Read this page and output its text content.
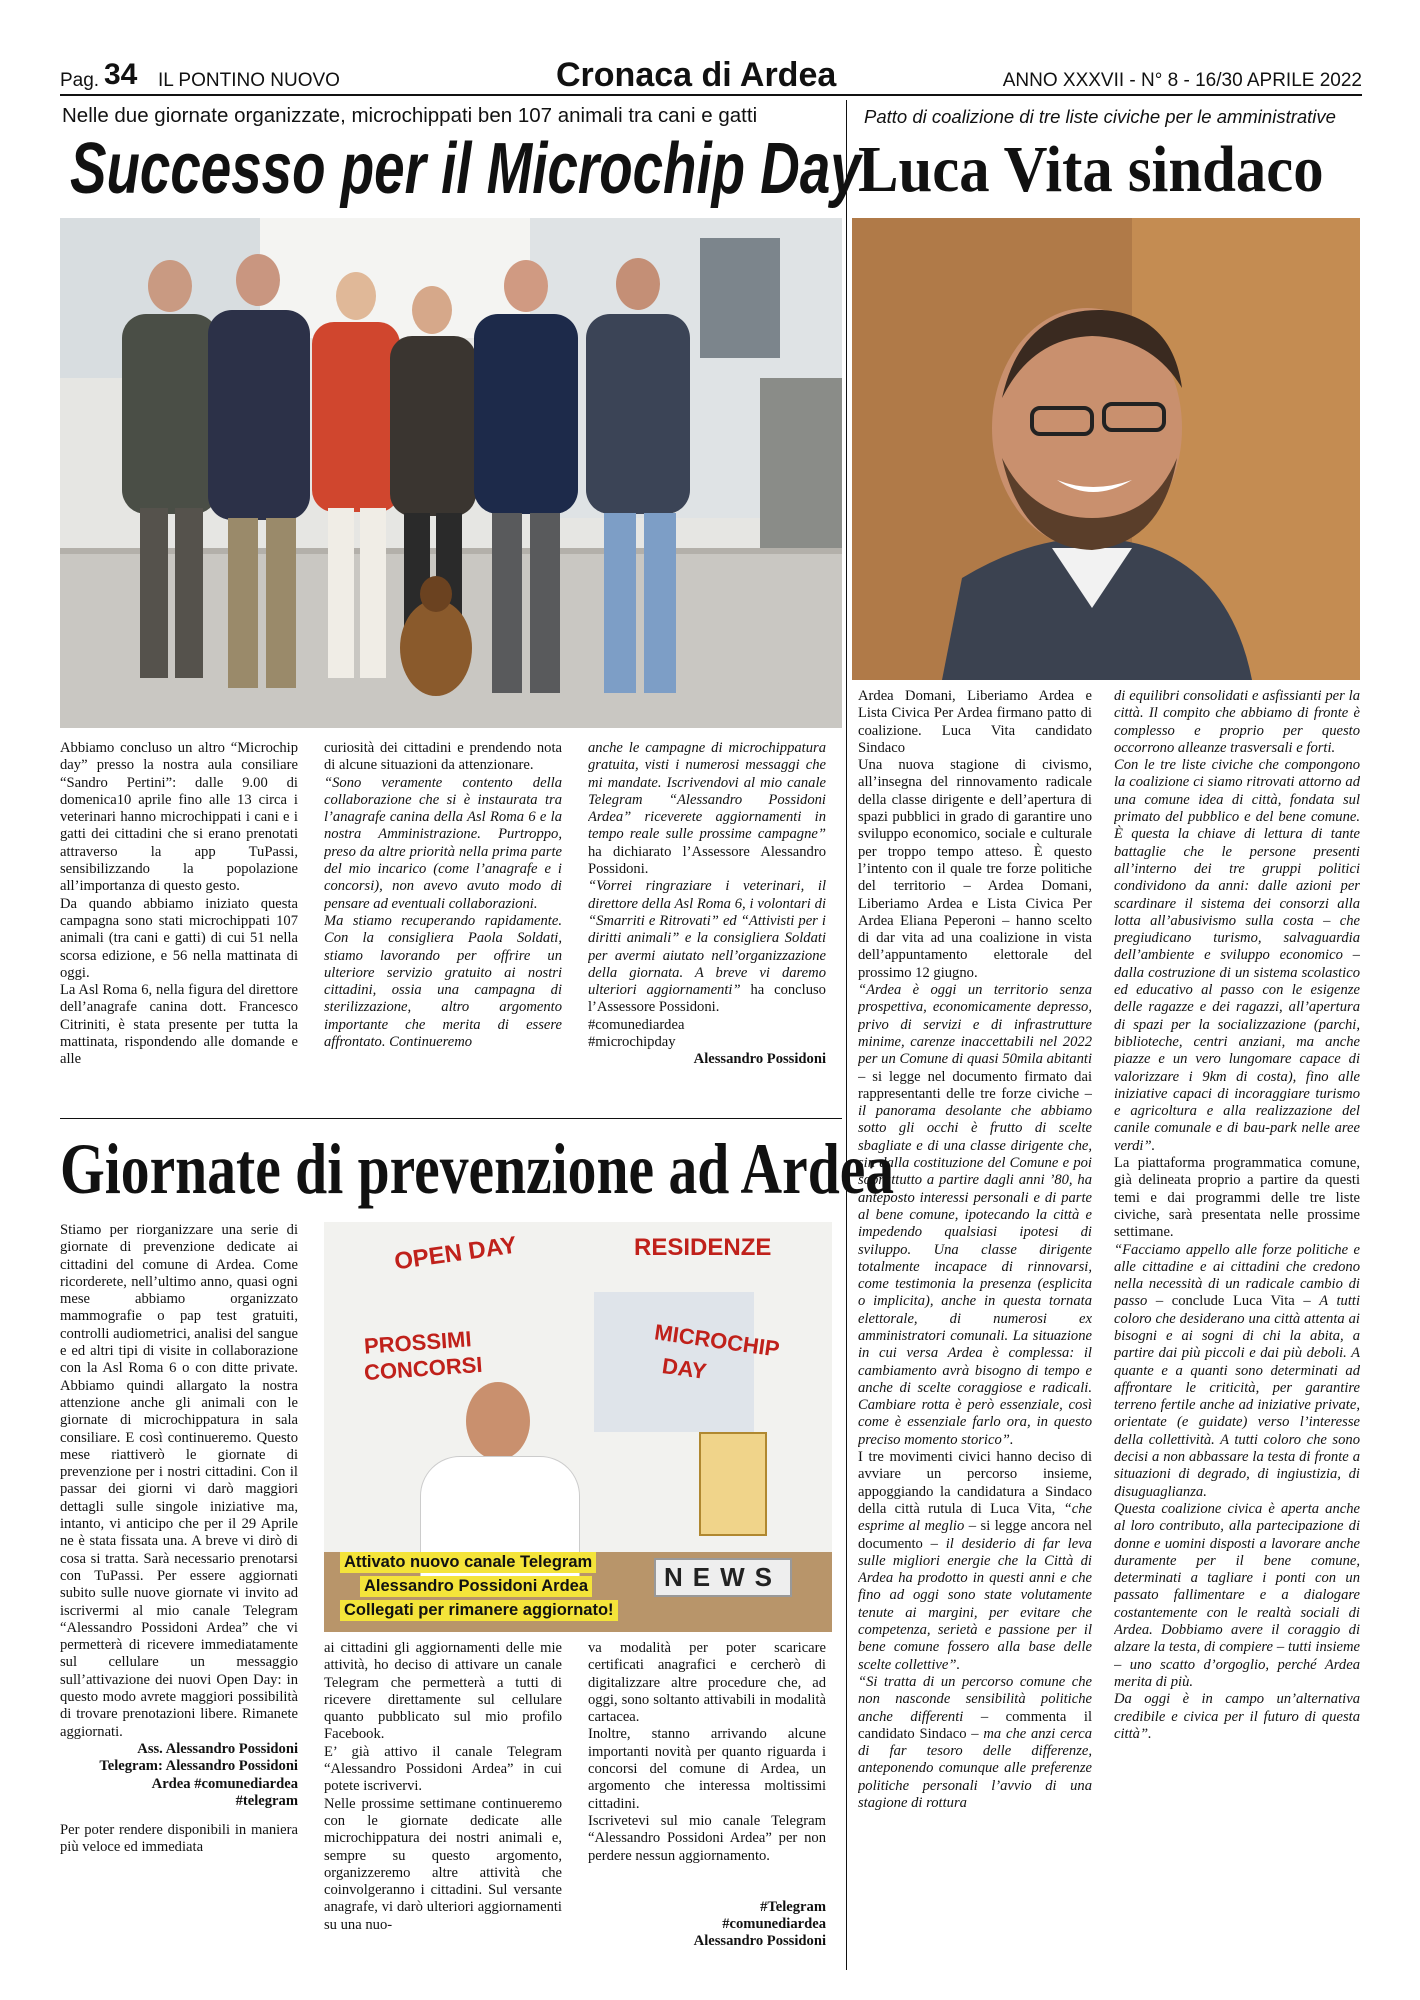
Pag. 34 IL PONTINO NUOVO	Cronaca di Ardea	ANNO XXXVII - N° 8 - 16/30 APRILE 2022
Nelle due giornate organizzate, microchippati ben 107 animali tra cani e gatti
Successo per il Microchip Day

Abbiamo concluso un altro “Microchip day” presso la nostra aula consiliare “Sandro Pertini”: dalle 9.00 di domenica10 aprile fino alle 13 circa i veterinari hanno microchippati i cani e i gatti dei cittadini che si erano prenotati attraverso la app TuPassi, sensibilizzando la popolazione all’importanza di questo gesto.

Da quando abbiamo iniziato questa campagna sono stati microchippati 107 animali (tra cani e gatti) di cui 51 nella scorsa edizione, e 56 nella mattinata di oggi.

La Asl Roma 6, nella figura del direttore dell’anagrafe canina dott. Francesco Citriniti, è stata presente per tutta la mattinata, rispondendo alle domande e alle

curiosità dei cittadini e prendendo nota di alcune situazioni da attenzionare.

“Sono veramente contento della collaborazione che si è instaurata tra l’anagrafe canina della Asl Roma 6 e la nostra Amministrazione. Purtroppo, preso da altre priorità nella prima parte del mio incarico (come l’anagrafe e i concorsi), non avevo avuto modo di pensare ad eventuali collaborazioni.

Ma stiamo recuperando rapidamente. Con la consigliera Paola Soldati, stiamo lavorando per offrire un ulteriore servizio gratuito ai nostri cittadini, ossia una campagna di sterilizzazione, altro argomento importante che merita di essere affrontato. Continueremo

anche le campagne di microchippatura gratuita, visti i numerosi messaggi che mi mandate. Iscrivendovi al mio canale Telegram “Alessandro Possidoni Ardea” riceverete aggiornamenti in tempo reale sulle prossime campagne” ha dichiarato l’Assessore Alessandro Possidoni.

“Vorrei ringraziare i veterinari, il direttore della Asl Roma 6, i volontari di “Smarriti e Ritrovati” ed “Attivisti per i diritti animali” e la consigliera Soldati per avermi aiutato nell’organizzazione della giornata. A breve vi daremo ulteriori aggiornamenti” ha concluso l’Assessore Possidoni.

#comunediardea

#microchipday

Alessandro Possidoni

Patto di coalizione di tre liste civiche per le amministrative
Luca Vita sindaco

Ardea Domani, Liberiamo Ardea e Lista Civica Per Ardea firmano patto di coalizione. Luca Vita candidato Sindaco

Una nuova stagione di civismo, all’insegna del rinnovamento radicale della classe dirigente e dell’apertura di spazi pubblici in grado di garantire uno sviluppo economico, sociale e culturale per troppo tempo atteso. È questo l’intento con il quale tre forze politiche del territorio – Ardea Domani, Liberiamo Ardea e Lista Civica Per Ardea Eliana Peperoni – hanno scelto di dar vita ad una coalizione in vista dell’appuntamento elettorale del prossimo 12 giugno.

“Ardea è oggi un territorio senza prospettiva, economicamente depresso, privo di servizi e di infrastrutture minime, carenze inaccettabili nel 2022 per un Comune di quasi 50mila abitanti – si legge nel documento firmato dai rappresentanti delle tre forze civiche – il panorama desolante che abbiamo sotto gli occhi è frutto di scelte sbagliate e di una classe dirigente che, sin dalla costituzione del Comune e poi soprattutto a partire dagli anni ’80, ha anteposto interessi personali e di parte al bene comune, ipotecando la città e impedendo qualsiasi ipotesi di sviluppo. Una classe dirigente totalmente incapace di rinnovarsi, come testimonia la presenza (esplicita o implicita), anche in questa tornata elettorale, di numerosi ex amministratori comunali. La situazione in cui versa Ardea è complessa: il cambiamento avrà bisogno di tempo e anche di scelte coraggiose e radicali. Cambiare rotta è però essenziale, così come è essenziale farlo ora, in questo preciso momento storico”.

I tre movimenti civici hanno deciso di avviare un percorso insieme, appoggiando la candidatura a Sindaco della città rutula di Luca Vita, “che esprime al meglio – si legge ancora nel documento – il desiderio di far leva sulle migliori energie che la Città di Ardea ha prodotto in questi anni e che fino ad oggi sono state volutamente tenute ai margini, per evitare che competenza, serietà e passione per il bene comune fossero alla base delle scelte collettive”.

“Si tratta di un percorso comune che non nasconde sensibilità politiche anche differenti – commenta il candidato Sindaco – ma che anzi cerca di far tesoro delle differenze, anteponendo comunque alle preferenze politiche personali l’avvio di una stagione di rottura

di equilibri consolidati e asfissianti per la città. Il compito che abbiamo di fronte è complesso e proprio per questo occorrono alleanze trasversali e forti.

Con le tre liste civiche che compongono la coalizione ci siamo ritrovati attorno ad una comune idea di città, fondata sul primato del pubblico e del bene comune. È questa la chiave di lettura di tante battaglie che le persone presenti all’interno dei tre gruppi politici condividono da anni: dalle azioni per scardinare il sistema dei consorzi alla lotta all’abusivismo sulla costa – che pregiudicano turismo, salvaguardia dell’ambiente e sviluppo economico – dalla costruzione di un sistema scolastico ed educativo al passo con le esigenze delle ragazze e dei ragazzi, all’apertura di spazi per la socializzazione (parchi, biblioteche, centri anziani, ma anche piazze e un vero lungomare capace di valorizzare i 9km di costa), fino alle iniziative capaci di incoraggiare turismo e agricoltura e alla realizzazione del canile comunale e di bau-park nelle aree verdi”.

La piattaforma programmatica comune, già delineata proprio a partire da questi temi e dai programmi delle tre liste civiche, sarà presentata nelle prossime settimane.

“Facciamo appello alle forze politiche e alle cittadine e ai cittadini che credono nella necessità di un radicale cambio di passo – conclude Luca Vita – A tutti coloro che desiderano una città attenta ai bisogni e ai sogni di chi la abita, a partire dai più piccoli e dai più deboli. A quante e a quanti sono determinati ad affrontare le criticità, per garantire terreno fertile anche ad iniziative private, orientate (e guidate) verso l’interesse della collettività. A tutti coloro che sono decisi a non abbassare la testa di fronte a situazioni di degrado, di ingiustizia, di disuguaglianza.

Questa coalizione civica è aperta anche al loro contributo, alla partecipazione di donne e uomini disposti a lavorare anche duramente per il bene comune, determinati a tagliare i ponti con un passato fallimentare e a dialogare costantemente con le realtà sociali di Ardea. Dobbiamo avere il coraggio di alzare la testa, di compiere – tutti insieme – uno scatto d’orgoglio, perché Ardea merita di più.

Da oggi è in campo un’alternativa credibile e civica per il futuro di questa città”.

Giornate di prevenzione ad Ardea

Stiamo per riorganizzare una serie di giornate di prevenzione dedicate ai cittadini del comune di Ardea. Come ricorderete, nell’ultimo anno, quasi ogni mese abbiamo organizzato mammografie o pap test gratuiti, controlli audiometrici, analisi del sangue e ed altri tipi di visite in collaborazione con la Asl Roma 6 o con ditte private. Abbiamo quindi allargato la nostra attenzione anche gli animali con le giornate di microchippatura in sala consiliare. E così continueremo. Questo mese riattiverò le giornate di prevenzione per i nostri cittadini. Con il passar dei giorni vi darò maggiori dettagli sulle singole iniziative ma, intanto, vi anticipo che per il 29 Aprile ne è stata fissata una. A breve vi dirò di cosa si tratta. Sarà necessario prenotarsi con TuPassi. Per essere aggiornati subito sulle nuove giornate vi invito ad iscrivermi al mio canale Telegram “Alessandro Possidoni Ardea” che vi permetterà di ricevere immediatamente sul cellulare un messaggio sull’attivazione dei nuovi Open Day: in questo modo avrete maggiori possibilità di trovare prenotazioni libere. Rimanete aggiornati.

Ass. Alessandro Possidoni

Telegram: Alessandro Possidoni

Ardea #comunediardea

#telegram

Per poter rendere disponibili in maniera più veloce ed immediata

OPEN DAY	RESIDENZE
PROSSIMI
CONCORSI
MICROCHIP
DAY
Attivato nuovo canale Telegram
Alessandro Possidoni Ardea
Collegati per rimanere aggiornato!
NEWS

ai cittadini gli aggiornamenti delle mie attività, ho deciso di attivare un canale Telegram che permetterà a tutti di ricevere direttamente sul cellulare quanto pubblicato sul mio profilo Facebook.

E’ già attivo il canale Telegram “Alessandro Possidoni Ardea” in cui potete iscrivervi.

Nelle prossime settimane continueremo con le giornate dedicate alle microchippatura dei nostri animali e, sempre su questo argomento, organizzeremo altre attività che coinvolgeranno i cittadini. Sul versante anagrafe, vi darò ulteriori aggiornamenti su una nuo-

va modalità per poter scaricare certificati anagrafici e cercherò di digitalizzare altre procedure che, ad oggi, sono soltanto attivabili in modalità cartacea.

Inoltre, stanno arrivando alcune importanti novità per quanto riguarda i concorsi del comune di Ardea, un argomento che interessa moltissimi cittadini.

Iscrivetevi sul mio canale Telegram “Alessandro Possidoni Ardea” per non perdere nessun aggiornamento.

#Telegram

#comunediardea

Alessandro Possidoni
